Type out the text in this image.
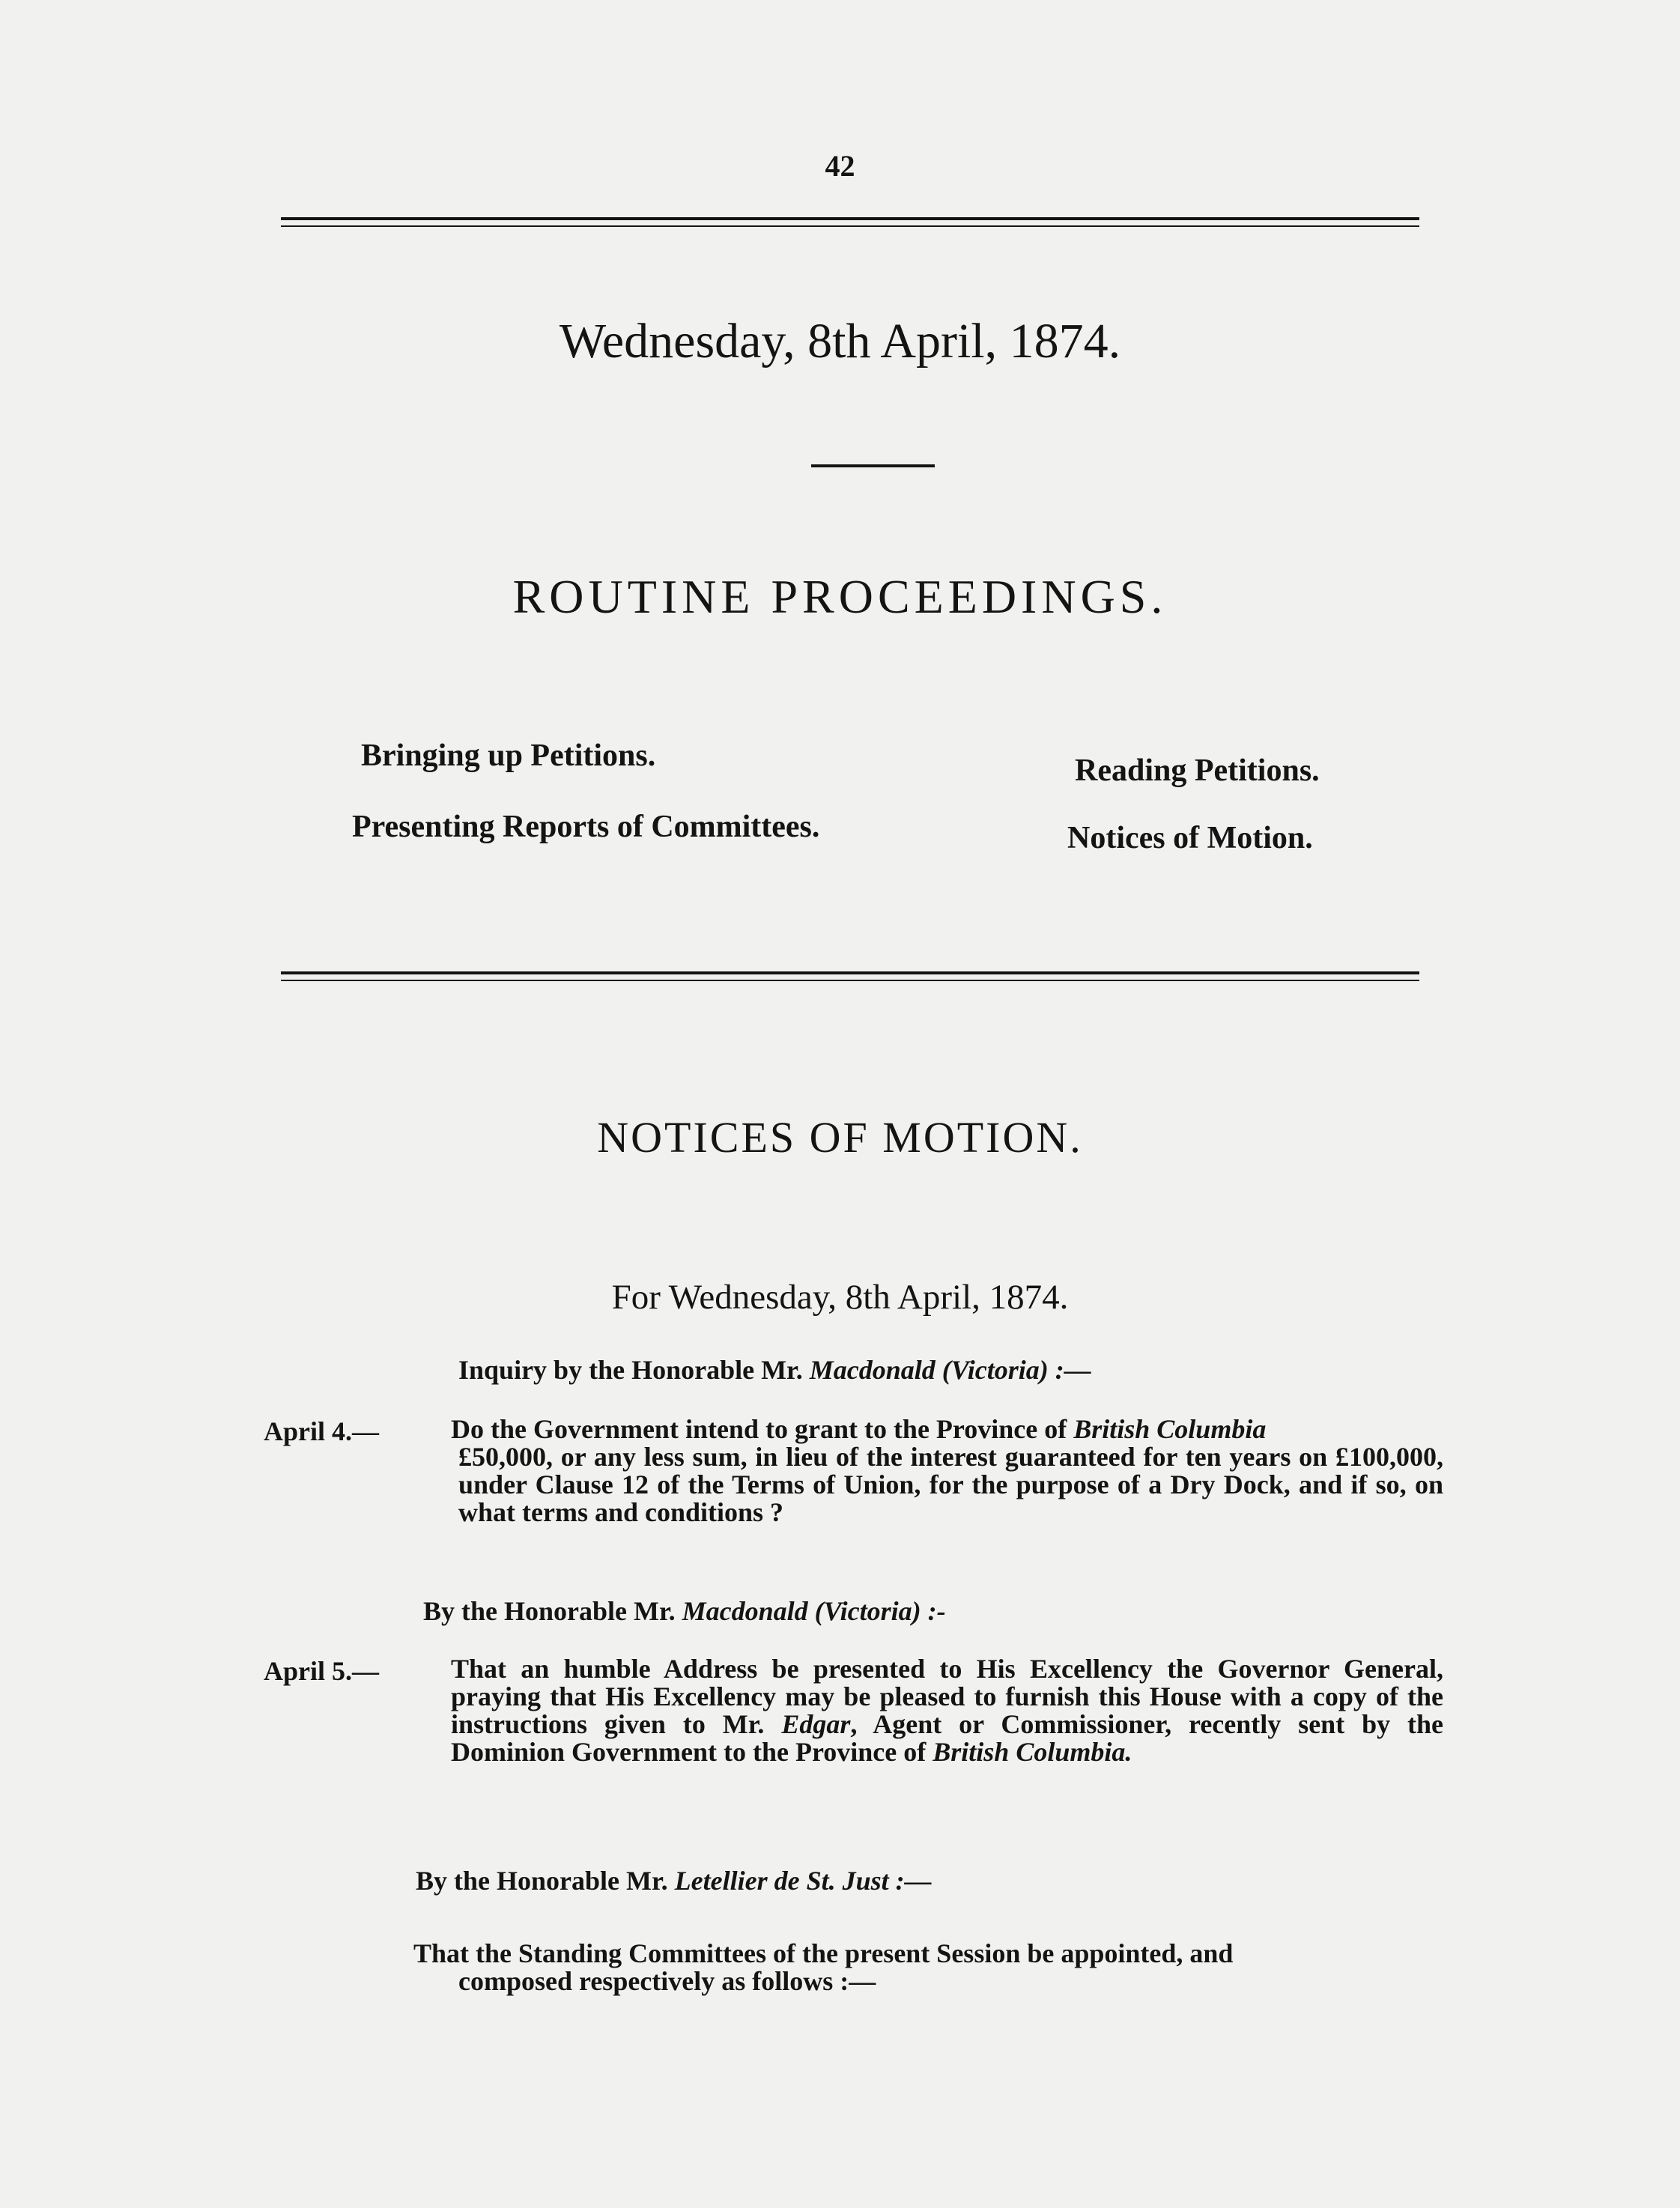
42
Wednesday, 8th April, 1874.
ROUTINE PROCEEDINGS.
Bringing up Petitions.	Reading Petitions.
Presenting Reports of Committees.	Notices of Motion.
NOTICES OF MOTION.
For Wednesday, 8th April, 1874.
Inquiry by the Honorable Mr. Macdonald (Victoria) :—
April 4.—	Do the Government intend to grant to the Province of British Columbia
£50,000, or any less sum, in lieu of the interest guaranteed for ten years on £100,000, under Clause 12 of the Terms of Union, for the purpose of a Dry Dock, and if so, on what terms and conditions ?
By the Honorable Mr. Macdonald (Victoria) :-
April 5.—	That an humble Address be presented to His Excellency the Governor General, praying that His Excellency may be pleased to furnish this House with a copy of the instructions given to Mr. Edgar, Agent or Commissioner, recently sent by the Dominion Government to the Province of British Columbia.
By the Honorable Mr. Letellier de St. Just :—
That the Standing Committees of the present Session be appointed, and
composed respectively as follows :—
